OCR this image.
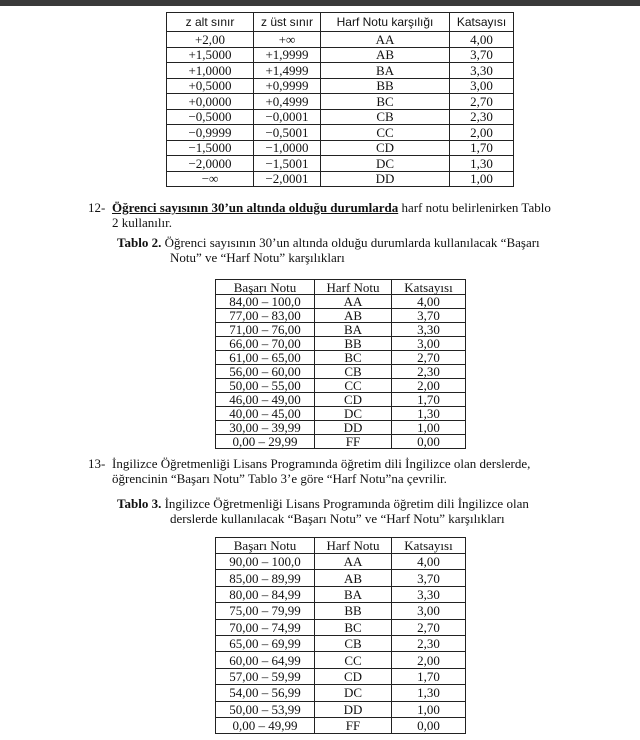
z alt sınır	z üst sınır	Harf Notu karşılığı	Katsayısı
+2,00	+∞	AA	4,00
+1,5000	+1,9999	AB	3,70
+1,0000	+1,4999	BA	3,30
+0,5000	+0,9999	BB	3,00
+0,0000	+0,4999	BC	2,70
−0,5000	−0,0001	CB	2,30
−0,9999	−0,5001	CC	2,00
−1,5000	−1,0000	CD	1,70
−2,0000	−1,5001	DC	1,30
−∞	−2,0001	DD	1,00
12- Öğrenci sayısının 30’un altında olduğu durumlarda harf notu belirlenirken Tablo
2 kullanılır.
Tablo 2. Öğrenci sayısının 30’un altında olduğu durumlarda kullanılacak “Başarı
Notu” ve “Harf Notu” karşılıkları
Başarı Notu	Harf Notu	Katsayısı
84,00 – 100,0	AA	4,00
77,00 – 83,00	AB	3,70
71,00 – 76,00	BA	3,30
66,00 – 70,00	BB	3,00
61,00 – 65,00	BC	2,70
56,00 – 60,00	CB	2,30
50,00 – 55,00	CC	2,00
46,00 – 49,00	CD	1,70
40,00 – 45,00	DC	1,30
30,00 – 39,99	DD	1,00
0,00 – 29,99	FF	0,00
13- İngilizce Öğretmenliği Lisans Programında öğretim dili İngilizce olan derslerde,
öğrencinin “Başarı Notu” Tablo 3’e göre “Harf Notu”na çevrilir.
Tablo 3. İngilizce Öğretmenliği Lisans Programında öğretim dili İngilizce olan
derslerde kullanılacak “Başarı Notu” ve “Harf Notu” karşılıkları
Başarı Notu	Harf Notu	Katsayısı
90,00 – 100,0	AA	4,00
85,00 – 89,99	AB	3,70
80,00 – 84,99	BA	3,30
75,00 – 79,99	BB	3,00
70,00 – 74,99	BC	2,70
65,00 – 69,99	CB	2,30
60,00 – 64,99	CC	2,00
57,00 – 59,99	CD	1,70
54,00 – 56,99	DC	1,30
50,00 – 53,99	DD	1,00
0,00 – 49,99	FF	0,00
